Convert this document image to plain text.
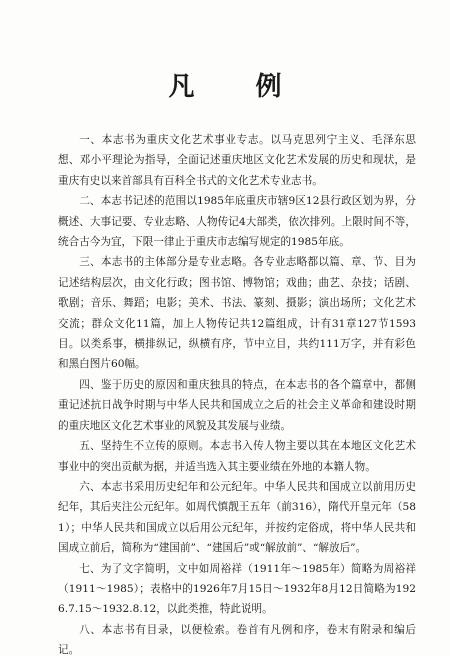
凡 例

一、本志书为重庆文化艺术事业专志。以马克思列宁主义、毛泽东思想、邓小平理论为指导，全面记述重庆地区文化艺术发展的历史和现状，是重庆有史以来首部具有百科全书式的文化艺术专业志书。

二、本志书记述的范围以1985年底重庆市辖9区12县行政区划为界，分概述、大事记要、专业志略、人物传记4大部类，依次排列。上限时间不等，统合古今为宜，下限一律止于重庆市志编写规定的1985年底。

三、本志书的主体部分是专业志略。各专业志略都以篇、章、节、目为记述结构层次，由文化行政；图书馆、博物馆；戏曲；曲艺、杂技；话剧、歌剧；音乐、舞蹈；电影；美术、书法、篆刻、摄影；演出场所；文化艺术交流；群众文化11篇，加上人物传记共12篇组成，计有31章127节1593目。以类系事，横排纵记，纵横有序，节中立目，共约111万字，并有彩色和黑白图片60幅。

四、鉴于历史的原因和重庆独具的特点，在本志书的各个篇章中，都侧重记述抗日战争时期与中华人民共和国成立之后的社会主义革命和建设时期的重庆地区文化艺术事业的风貌及其发展与业绩。

五、坚持生不立传的原则。本志书入传人物主要以其在本地区文化艺术事业中的突出贡献为据，并适当选入其主要业绩在外地的本籍人物。

六、本志书采用历史纪年和公元纪年。中华人民共和国成立以前用历史纪年，其后夹注公元纪年。如周代慎靓王五年（前316），隋代开皇元年（581）；中华人民共和国成立以后用公元纪年，并按约定俗成，将中华人民共和国成立前后，简称为“建国前”、“建国后”或“解放前”、“解放后”。

七、为了文字简明，文中如周裕祥（1911年～1985年）简略为周裕祥（1911～1985）；表格中的1926年7月15日～1932年8月12日简略为1926.7.15～1932.8.12，以此类推，特此说明。

八、本志书有目录，以便检索。卷首有凡例和序，卷末有附录和编后记。
